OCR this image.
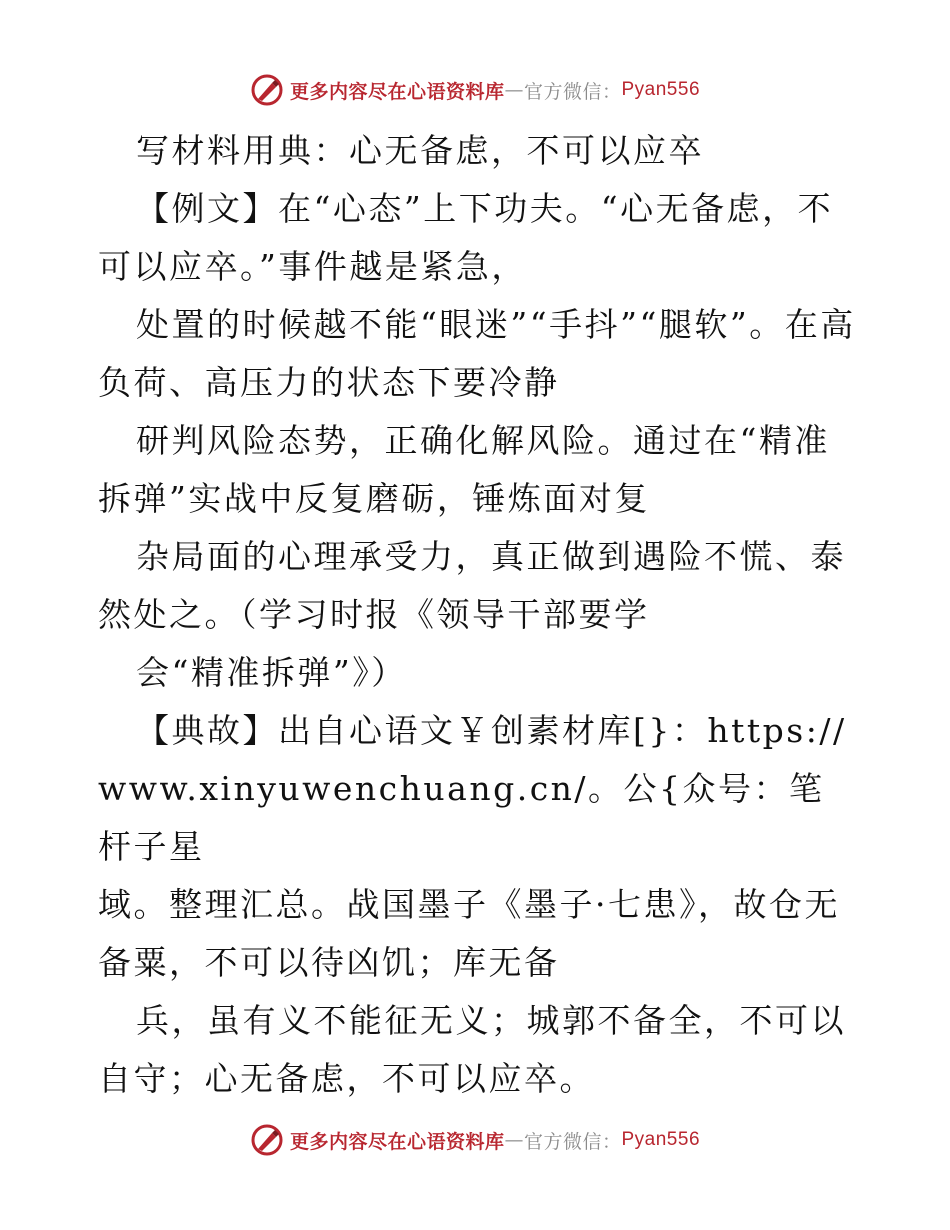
更多内容尽在心语资料库 — 官方微信： Pyan556

写材料用典：心无备虑，不可以应卒

【例文】在“心态”上下功夫。“心无备虑，不可以应卒。”事件越是紧急，

处置的时候越不能“眼迷”“手抖”“腿软”。在高负荷、高压力的状态下要冷静

研判风险态势，正确化解风险。通过在“精准拆弹”实战中反复磨砺，锤炼面对复

杂局面的心理承受力，真正做到遇险不慌、泰然处之。（学习时报《领导干部要学

会“精准拆弹”》）

【典故】出自心语文￥创素材库[}：https://

www.xinyuwenchuang.cn/。公{众号：笔杆子星

域。整理汇总。战国墨子《墨子·七患》，故仓无备粟，不可以待凶饥；库无备

兵，虽有义不能征无义；城郭不备全，不可以自守；心无备虑，不可以应卒。

更多内容尽在心语资料库 — 官方微信： Pyan556
